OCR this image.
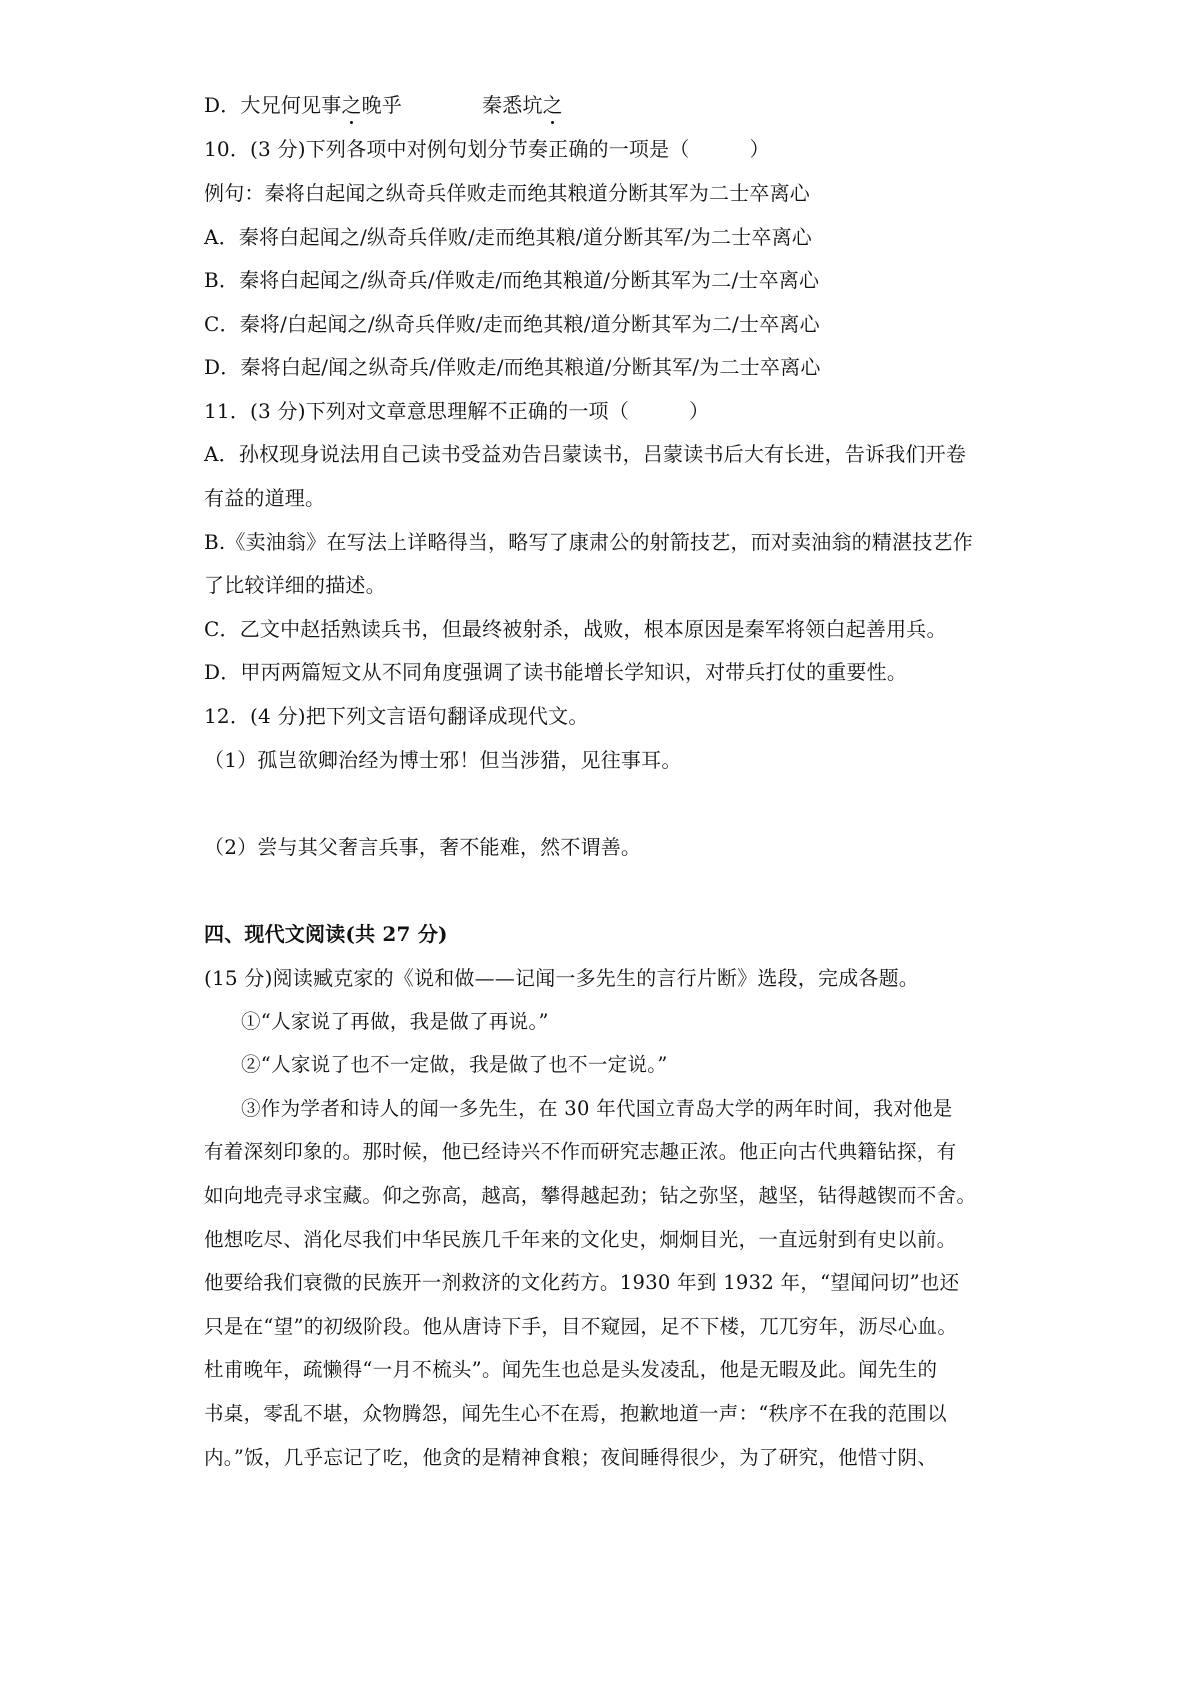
D．大兄何见事之晚乎	秦悉坑之
10．(3 分)下列各项中对例句划分节奏正确的一项是（	）
例句：秦将白起闻之纵奇兵佯败走而绝其粮道分断其军为二士卒离心
A．秦将白起闻之/纵奇兵佯败/走而绝其粮/道分断其军/为二士卒离心
B．秦将白起闻之/纵奇兵/佯败走/而绝其粮道/分断其军为二/士卒离心
C．秦将/白起闻之/纵奇兵佯败/走而绝其粮/道分断其军为二/士卒离心
D．秦将白起/闻之纵奇兵/佯败走/而绝其粮道/分断其军/为二士卒离心
11．(3 分)下列对文章意思理解不正确的一项（	）
A．孙权现身说法用自己读书受益劝告吕蒙读书，吕蒙读书后大有长进，告诉我们开卷
有益的道理。
B.《卖油翁》在写法上详略得当，略写了康肃公的射箭技艺，而对卖油翁的精湛技艺作
了比较详细的描述。
C．乙文中赵括熟读兵书，但最终被射杀，战败，根本原因是秦军将领白起善用兵。
D．甲丙两篇短文从不同角度强调了读书能增长学知识，对带兵打仗的重要性。
12．(4 分)把下列文言语句翻译成现代文。
（1）孤岂欲卿治经为博士邪！但当涉猎，见往事耳。
（2）尝与其父奢言兵事，奢不能难，然不谓善。
四、现代文阅读(共 27 分)
(15 分)阅读臧克家的《说和做——记闻一多先生的言行片断》选段，完成各题。
①“人家说了再做，我是做了再说。”
②“人家说了也不一定做，我是做了也不一定说。”
③作为学者和诗人的闻一多先生，在 30 年代国立青岛大学的两年时间，我对他是
有着深刻印象的。那时候，他已经诗兴不作而研究志趣正浓。他正向古代典籍钻探，有
如向地壳寻求宝藏。仰之弥高，越高，攀得越起劲；钻之弥坚，越坚，钻得越锲而不舍。
他想吃尽、消化尽我们中华民族几千年来的文化史，炯炯目光，一直远射到有史以前。
他要给我们衰微的民族开一剂救济的文化药方。1930 年到 1932 年，“望闻问切”也还
只是在“望”的初级阶段。他从唐诗下手，目不窥园，足不下楼，兀兀穷年，沥尽心血。
杜甫晚年，疏懒得“一月不梳头”。闻先生也总是头发凌乱，他是无暇及此。闻先生的
书桌，零乱不堪，众物腾怨，闻先生心不在焉，抱歉地道一声：“秩序不在我的范围以
内。”饭，几乎忘记了吃，他贪的是精神食粮；夜间睡得很少，为了研究，他惜寸阴、
